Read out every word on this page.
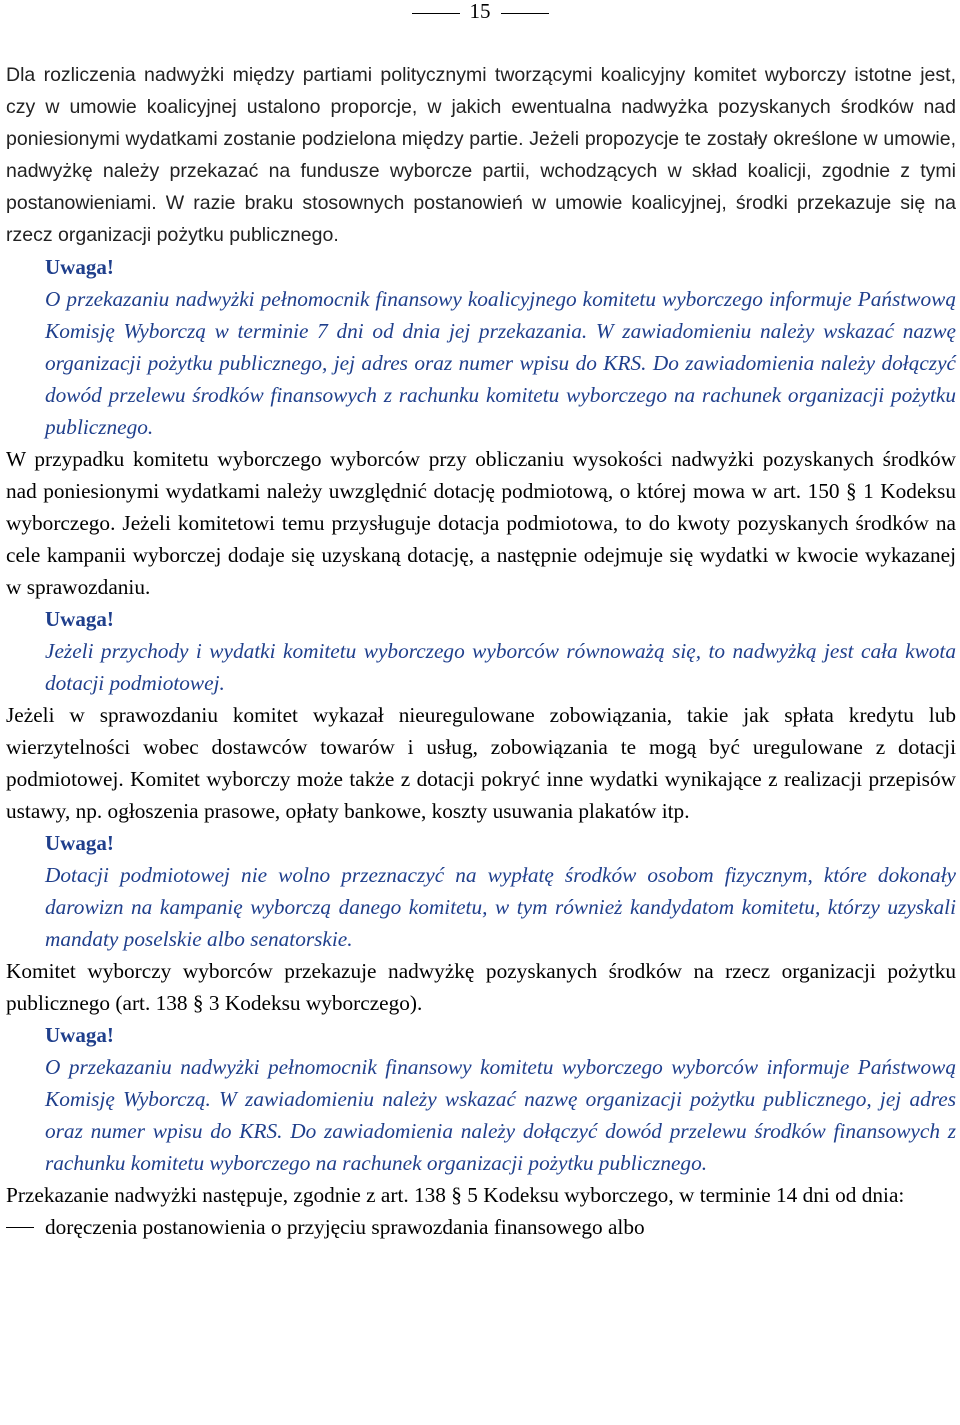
15

Dla rozliczenia nadwyżki między partiami politycznymi tworzącymi koalicyjny komitet wyborczy istotne jest, czy w umowie koalicyjnej ustalono proporcje, w jakich ewentualna nadwyżka pozyskanych środków nad poniesionymi wydatkami zostanie podzielona między partie. Jeżeli propozycje te zostały określone w umowie, nadwyżkę należy przekazać na fundusze wyborcze partii, wchodzących w skład koalicji, zgodnie z tymi postanowieniami. W razie braku stosownych postanowień w umowie koalicyjnej, środki przekazuje się na rzecz organizacji pożytku publicznego.

Uwaga!

O przekazaniu nadwyżki pełnomocnik finansowy koalicyjnego komitetu wyborczego informuje Państwową Komisję Wyborczą w terminie 7 dni od dnia jej przekazania. W zawiadomieniu należy wskazać nazwę organizacji pożytku publicznego, jej adres oraz numer wpisu do KRS. Do zawiadomienia należy dołączyć dowód przelewu środków finansowych z rachunku komitetu wyborczego na rachunek organizacji pożytku publicznego.

W przypadku komitetu wyborczego wyborców przy obliczaniu wysokości nadwyżki pozyskanych środków nad poniesionymi wydatkami należy uwzględnić dotację podmiotową, o której mowa w art. 150 § 1 Kodeksu wyborczego. Jeżeli komitetowi temu przysługuje dotacja podmiotowa, to do kwoty pozyskanych środków na cele kampanii wyborczej dodaje się uzyskaną dotację, a następnie odejmuje się wydatki w kwocie wykazanej w sprawozdaniu.

Uwaga!

Jeżeli przychody i wydatki komitetu wyborczego wyborców równoważą się, to nadwyżką jest cała kwota dotacji podmiotowej.

Jeżeli w sprawozdaniu komitet wykazał nieuregulowane zobowiązania, takie jak spłata kredytu lub wierzytelności wobec dostawców towarów i usług, zobowiązania te mogą być uregulowane z dotacji podmiotowej. Komitet wyborczy może także z dotacji pokryć inne wydatki wynikające z realizacji przepisów ustawy, np. ogłoszenia prasowe, opłaty bankowe, koszty usuwania plakatów itp.

Uwaga!

Dotacji podmiotowej nie wolno przeznaczyć na wypłatę środków osobom fizycznym, które dokonały darowizn na kampanię wyborczą danego komitetu, w tym również kandydatom komitetu, którzy uzyskali mandaty poselskie albo senatorskie.

Komitet wyborczy wyborców przekazuje nadwyżkę pozyskanych środków na rzecz organizacji pożytku publicznego (art. 138 § 3 Kodeksu wyborczego).

Uwaga!

O przekazaniu nadwyżki pełnomocnik finansowy komitetu wyborczego wyborców informuje Państwową Komisję Wyborczą. W zawiadomieniu należy wskazać nazwę organizacji pożytku publicznego, jej adres oraz numer wpisu do KRS. Do zawiadomienia należy dołączyć dowód przelewu środków finansowych z rachunku komitetu wyborczego na rachunek organizacji pożytku publicznego.

Przekazanie nadwyżki następuje, zgodnie z art. 138 § 5 Kodeksu wyborczego, w terminie 14 dni od dnia:

doręczenia postanowienia o przyjęciu sprawozdania finansowego albo
